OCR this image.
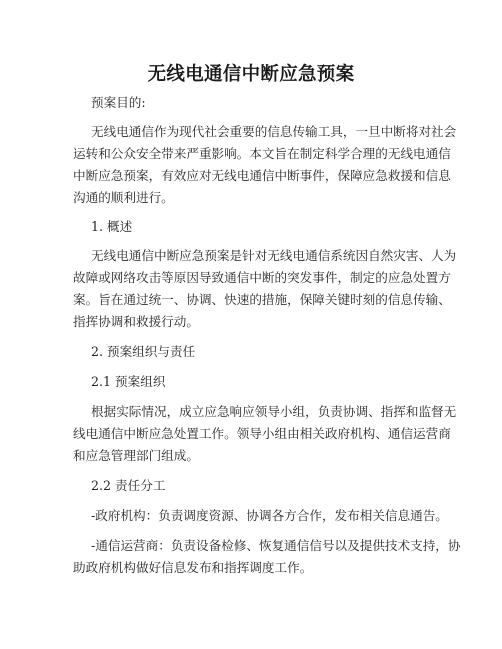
无线电通信中断应急预案

预案目的:

无线电通信作为现代社会重要的信息传输工具，一旦中断将对社会

运转和公众安全带来严重影响。本文旨在制定科学合理的无线电通信

中断应急预案，有效应对无线电通信中断事件，保障应急救援和信息

沟通的顺利进行。

1. 概述

无线电通信中断应急预案是针对无线电通信系统因自然灾害、人为

故障或网络攻击等原因导致通信中断的突发事件，制定的应急处置方

案。旨在通过统一、协调、快速的措施，保障关键时刻的信息传输、

指挥协调和救援行动。

2. 预案组织与责任

2.1 预案组织

根据实际情况，成立应急响应领导小组，负责协调、指挥和监督无

线电通信中断应急处置工作。领导小组由相关政府机构、通信运营商

和应急管理部门组成。

2.2 责任分工

-政府机构：负责调度资源、协调各方合作，发布相关信息通告。

-通信运营商：负责设备检修、恢复通信信号以及提供技术支持，协

助政府机构做好信息发布和指挥调度工作。
